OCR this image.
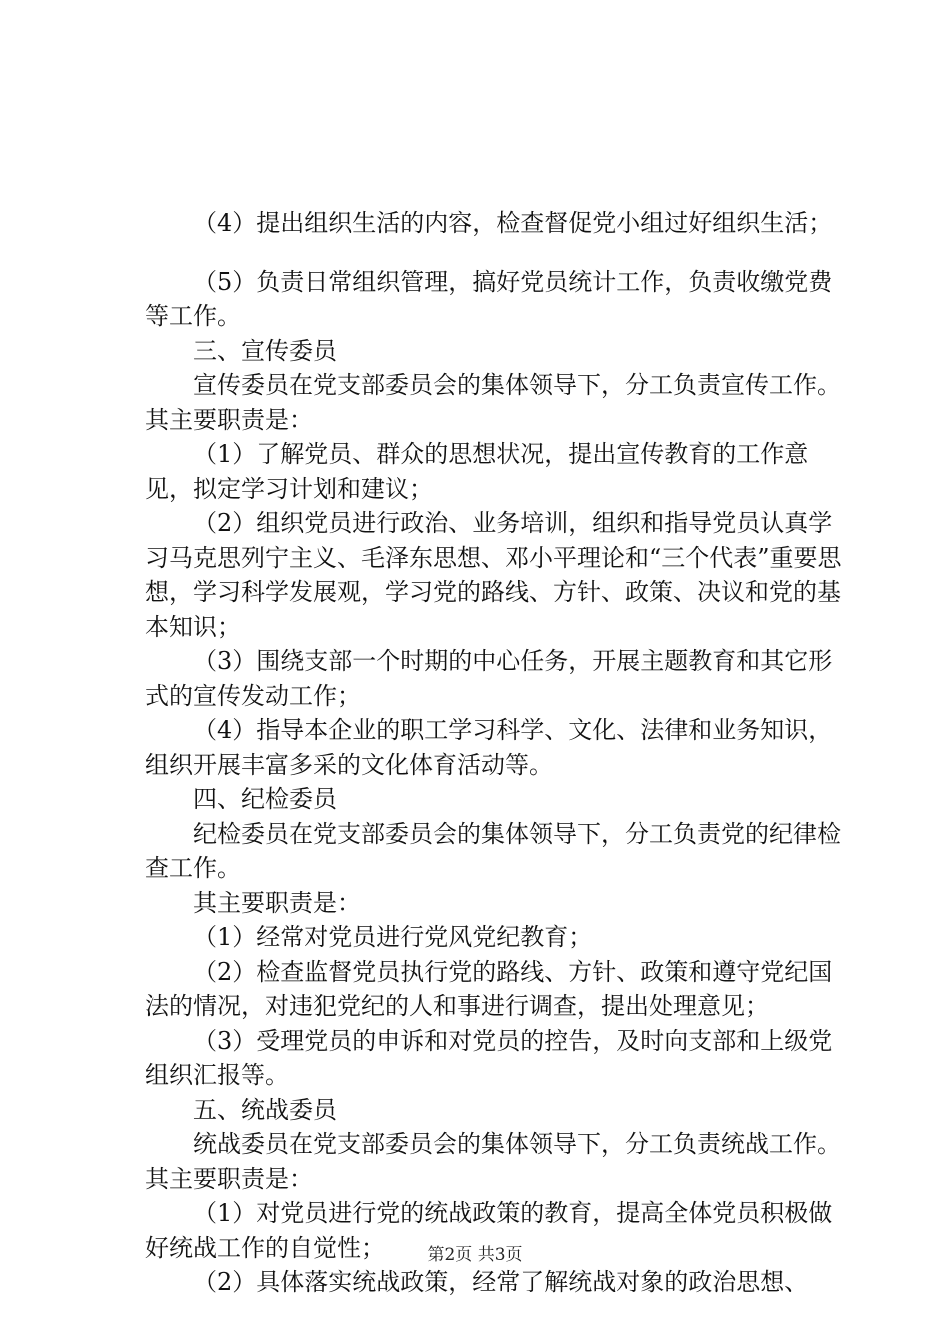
（4）提出组织生活的内容，检查督促党小组过好组织生活；

（5）负责日常组织管理，搞好党员统计工作，负责收缴党费等工作。

三、宣传委员

宣传委员在党支部委员会的集体领导下，分工负责宣传工作。其主要职责是：

（1）了解党员、群众的思想状况，提出宣传教育的工作意见，拟定学习计划和建议；

（2）组织党员进行政治、业务培训，组织和指导党员认真学习马克思列宁主义、毛泽东思想、邓小平理论和“三个代表”重要思想，学习科学发展观，学习党的路线、方针、政策、决议和党的基本知识；

（3）围绕支部一个时期的中心任务，开展主题教育和其它形式的宣传发动工作；

（4）指导本企业的职工学习科学、文化、法律和业务知识，组织开展丰富多采的文化体育活动等。

四、纪检委员

纪检委员在党支部委员会的集体领导下，分工负责党的纪律检查工作。

其主要职责是：

（1）经常对党员进行党风党纪教育；

（2）检查监督党员执行党的路线、方针、政策和遵守党纪国法的情况，对违犯党纪的人和事进行调查，提出处理意见；

（3）受理党员的申诉和对党员的控告，及时向支部和上级党组织汇报等。

五、统战委员

统战委员在党支部委员会的集体领导下，分工负责统战工作。其主要职责是：

（1）对党员进行党的统战政策的教育，提高全体党员积极做好统战工作的自觉性；

（2）具体落实统战政策，经常了解统战对象的政治思想、

第2页 共3页
